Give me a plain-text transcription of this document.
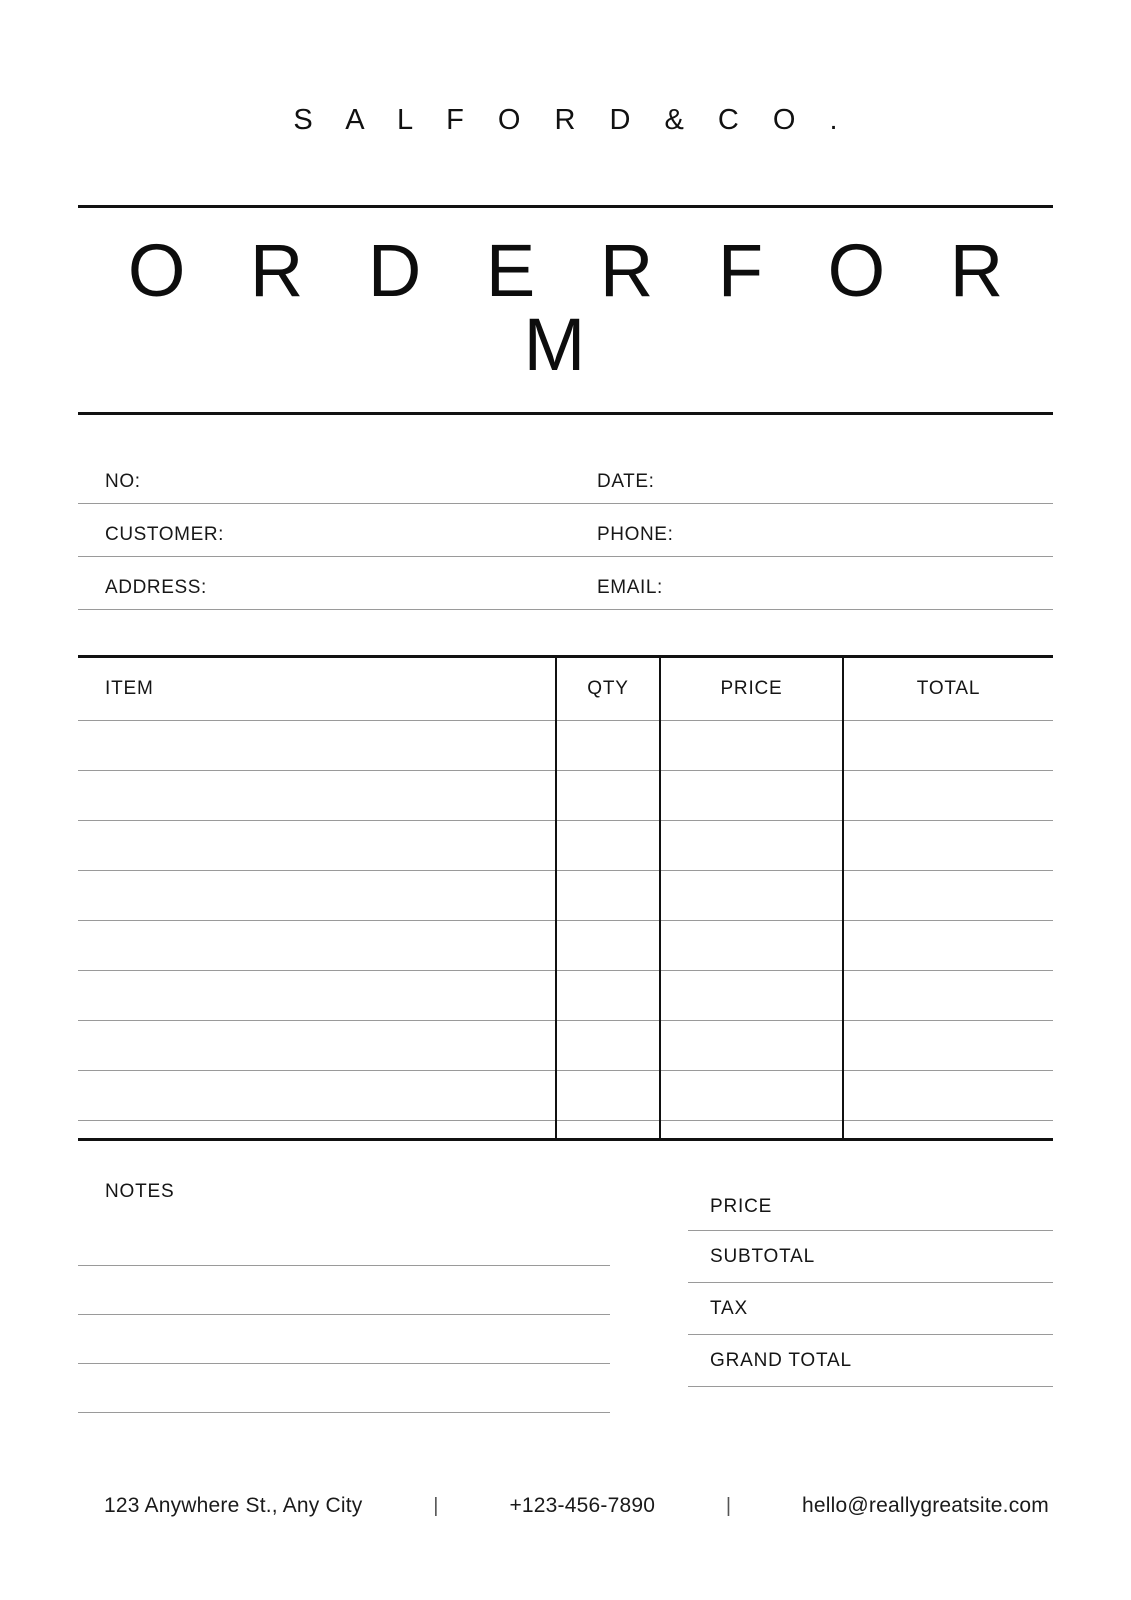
S A L F O R D & C O .
O R D E R F O R M
NO:	DATE:
CUSTOMER:	PHONE:
ADDRESS:	EMAIL:
ITEM	QTY	PRICE	TOTAL

NOTES
PRICE
SUBTOTAL
TAX
GRAND TOTAL
123 Anywhere St., Any City	|	+123-456-7890	|	hello@reallygreatsite.com
